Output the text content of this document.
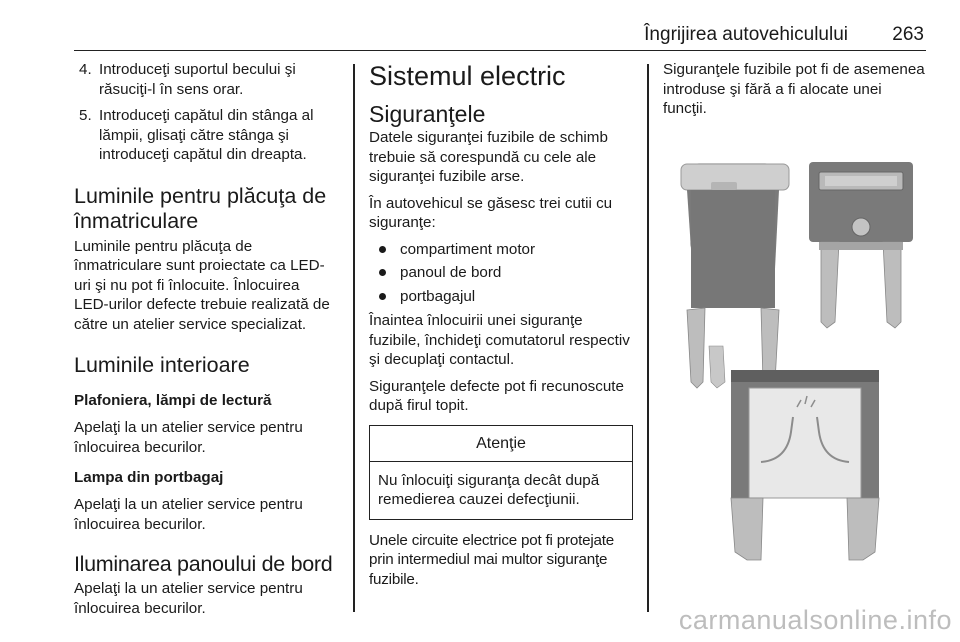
Îngrijirea autovehiculului 263
4. Introduceţi suportul becului şi răsuciţi-l în sens orar.
5. Introduceţi capătul din stânga al lămpii, glisaţi către stânga şi introduceţi capătul din dreapta.
Luminile pentru plăcuţa de înmatriculare

Luminile pentru plăcuţa de înmatriculare sunt proiectate ca LED-uri şi nu pot fi înlocuite. Înlocuirea LED-urilor defecte trebuie realizată de către un atelier service specializat.

Luminile interioare
Plafoniera, lămpi de lectură

Apelaţi la un atelier service pentru înlocuirea becurilor.

Lampa din portbagaj

Apelaţi la un atelier service pentru înlocuirea becurilor.

Iluminarea panoului de bord

Apelaţi la un atelier service pentru înlocuirea becurilor.

Sistemul electric
Siguranţele

Datele siguranţei fuzibile de schimb trebuie să corespundă cu cele ale siguranţei fuzibile arse.

În autovehicul se găsesc trei cutii cu siguranţe:

compartiment motor
panoul de bord
portbagajul

Înaintea înlocuirii unei siguranţe fuzibile, închideţi comutatorul respectiv şi decuplaţi contactul.

Siguranţele defecte pot fi recunoscute după firul topit.

Atenţie
Nu înlocuiţi siguranţa decât după remedierea cauzei defecţiunii.

Unele circuite electrice pot fi protejate prin intermediul mai multor siguranţe fuzibile.

Siguranţele fuzibile pot fi de asemenea introduse şi fără a fi alocate unei funcţii.

carmanualsonline.info
